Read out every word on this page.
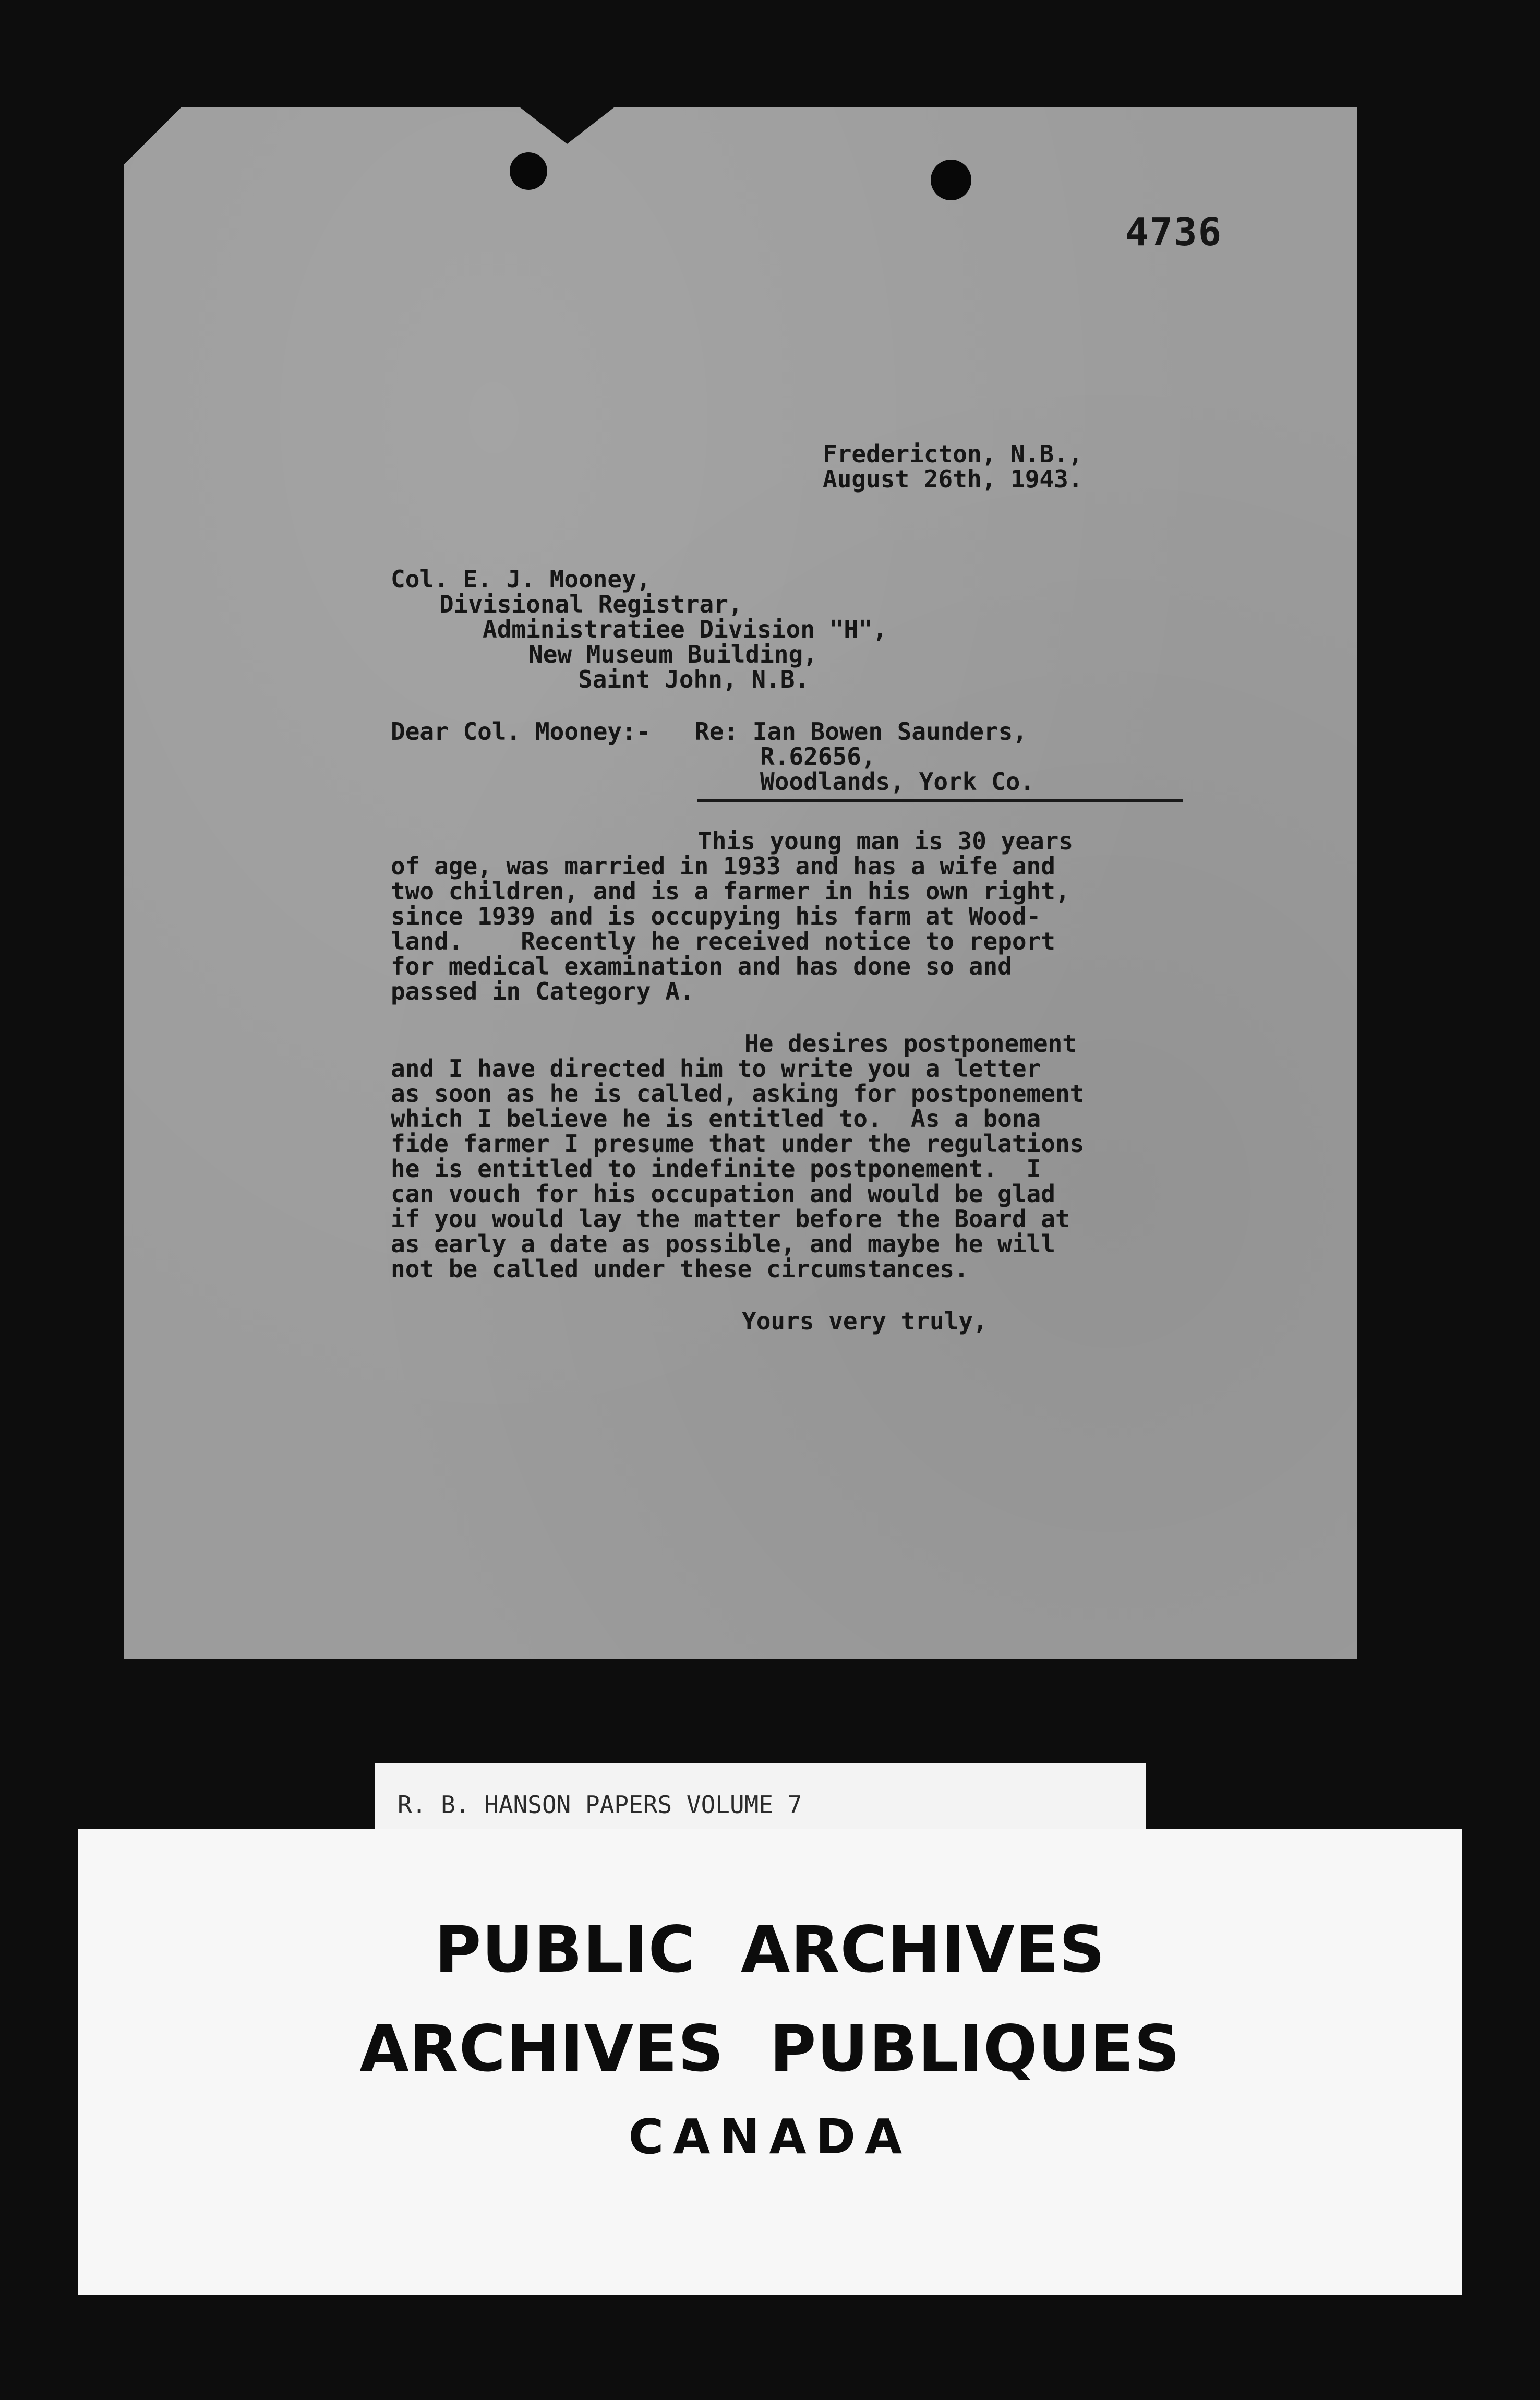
4736
Fredericton, N.B.,
August 26th, 1943.
Col. E. J. Mooney,
Divisional Registrar,
Administratiee Division "H",
New Museum Building,
Saint John, N.B.
Dear Col. Mooney:- Re: Ian Bowen Saunders,
R.62656,
Woodlands, York Co.
This young man is 30 years
of age, was married in 1933 and has a wife and
two children, and is a farmer in his own right,
since 1939 and is occupying his farm at Wood-
land.    Recently he received notice to report
for medical examination and has done so and
passed in Category A.
He desires postponement
and I have directed him to write you a letter
as soon as he is called, asking for postponement
which I believe he is entitled to.  As a bona
fide farmer I presume that under the regulations
he is entitled to indefinite postponement.  I
can vouch for his occupation and would be glad
if you would lay the matter before the Board at
as early a date as possible, and maybe he will
not be called under these circumstances.
Yours very truly,
R. B. HANSON PAPERS VOLUME 7
PUBLIC  ARCHIVES
ARCHIVES  PUBLIQUES
CANADA
